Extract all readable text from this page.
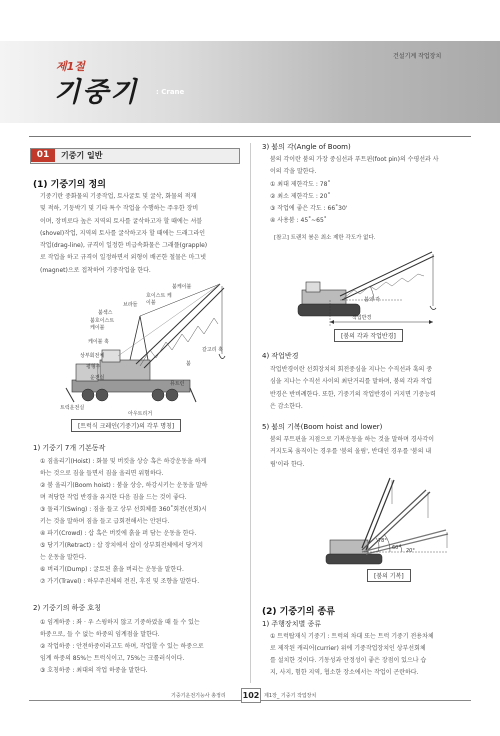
제1절
기중기	: Crane
건설기계 작업장치
01	기중기 일반
(1) 기중기의 정의
기중기란 중화물의 기중작업, 토사굴토 및 굴삭, 화물의 적재
및 적하, 기둥박기 및 기타 특수 작업을 수행하는 주우한 장비
이며, 장비로다 높은 지역의 토사를 굴삭하고자 할 때에는 셔블
(shovel)작업, 지역의 토사를 굴삭하고자 할 때에는 드래그라인
작업(drag-line), 규격이 일정한 비급속화물은 그래플(grapple)
로 작업을 하고 규격이 일정하면서 외형이 배곤한 철물은 마그넷
(magnet)으로 접착하여 기중작업을 한다.
붐케이블
호이스트 케이블
브라들
붐섹스
붐호이스트 케이블
케이블 훅
상부회전체
평형추
운전실
트럭운전실
아우트리거
갈고리 훅
붐
뮤트런
[트럭식 크레인(기중기)의 각부 명칭]
1) 기중기 7개 기본동작
① 짐올리기(Hoist) : 화물 및 버킷을 상승 혹은 하강운동을 하게
하는 것으로 짐을 들면서 짐을 올리면 위험하다.
② 붐 올리기(Boom hoist) : 붐을 상승, 하강시키는 운동을 말하
며 적당한 작업 반경을 유지한 다음 짐을 드는 것이 좋다.
③ 돌리기(Swing) : 짐을 들고 상부 선회체를 360˚회전(선회)시
키는 것을 말하며 짐을 들고 급회전해서는 안된다.
④ 파기(Crowd) : 삽 혹은 버킷에 흙을 퍼 담는 운동을 한다.
⑤ 당기기(Retract) : 삽 장치에서 삽이 상부회전체에서 당겨지
는 운동을 말한다.
⑥ 버리기(Dump) : 굴토된 흙을 버리는 운동을 말한다.
⑦ 가기(Travel) : 하부주진체의 전진, 후진 및 조향을 말한다.
2) 기중기의 하중 호칭
① 임계하중 : 좌 · 우 스윙하지 않고 기중하였을 때 들 수 있는
하중으로, 들 수 없는 하중의 임계점을 말한다.
② 작업하중 : 안전하중이라고도 하며, 작업할 수 있는 하중으로
임계 하중의 85%는 트럭식이고, 75%는 크롤러식이다.
③ 호칭하중 : 최대의 작업 하중을 말한다.
3) 붐의 각(Angle of Boom)
붐의 각이란 붐의 가장 중심선과 푸트핀(foot pin)의 수평선과 사
이의 각을 말한다.
① 최대 제한각도 : 78˚
② 최소 제한각도 : 20˚
③ 작업에 좋은 각도 : 66˚30'
④ 사용붐 : 45˚~65˚
[참고] 트랜치 붐은 최소 제한 각도가 없다.
붐의 각
작업반경
[붐의 각과 작업반경]
4) 작업반경
작업반경이란 선회장치의 회전중심을 지나는 수직선과 훅의 중
심을 지나는 수직선 사이의 최단거리를 말하며, 붐의 각과 작업
반경은 반비례한다. 또한, 기중기의 작업반경이 커지면 기중능력
은 감소한다.
5) 붐의 기복(Boom hoist and lower)
붐의 푸트핀을 지점으로 기복운동을 하는 것을 말하며 경사각이
커지도록 움직이는 경우를 '붐의 올림', 반대인 경우를 '붐의 내
림'이라 한다.
78°
60° 20°
[붐의 기복]
(2) 기중기의 종류
1) 주행장치별 종류
① 트럭탑재식 기중기 : 트럭의 차대 또는 트럭 기중기 전용차체
로 제작된 캐리어(currier) 위에 기중작업장치인 상부선회체
를 설치한 것이다. 기동성과 안정성이 좋은 장점이 있으나 습
지, 사지, 험한 지역, 협소한 장소에서는 작업이 곤란하다.
102
기중기운전기능사 총정리	제1장_ 기중기 작업장치
